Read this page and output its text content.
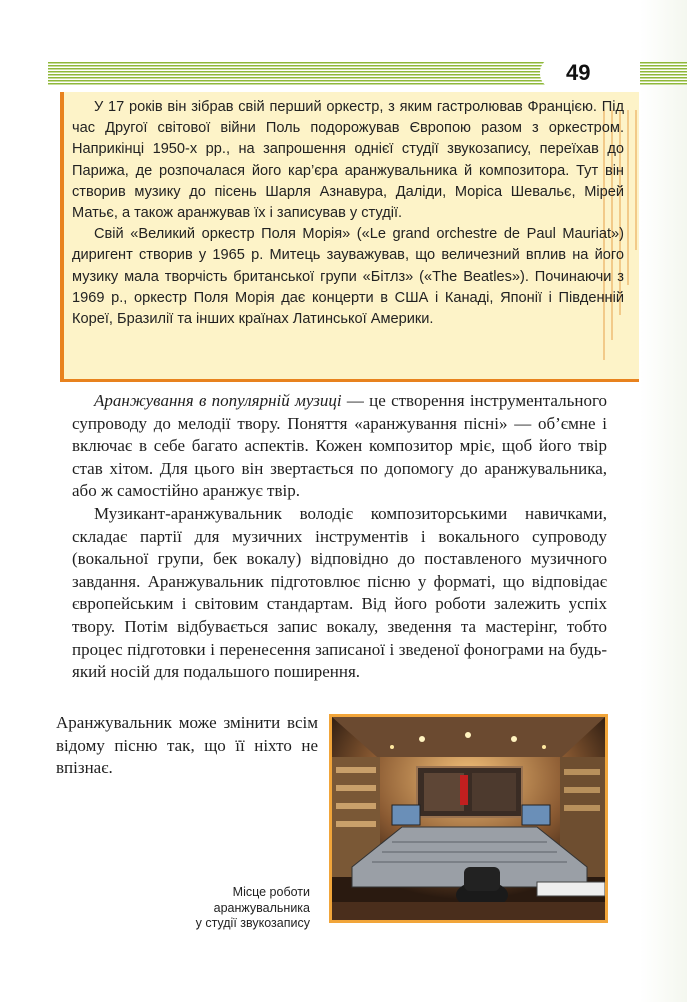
49

У 17 років він зібрав свій перший оркестр, з яким гастролював Францією. Під час Другої світової війни Поль подорожував Європою разом з оркестром. Наприкінці 1950-х рр., на запрошення однієї студії звукозапису, переїхав до Парижа, де розпочалася його кар’єра аранжувальника й композитора. Тут він створив музику до пісень Шарля Азнавура, Даліди, Моріса Шевальє, Мірей Матьє, а також аранжував їх і записував у студії.

Свій «Великий оркестр Поля Морія» («Le grand orchestre de Paul Mauriat») диригент створив у 1965 р. Митець зауважував, що величезний вплив на його музику мала творчість британської групи «Бітлз» («The Beatles»). Починаючи з 1969 р., оркестр Поля Морія дає концерти в США і Канаді, Японії і Південній Кореї, Бразилії та інших країнах Латинської Америки.

Аранжування в популярній музиці — це створення інструментального супроводу до мелодії твору. Поняття «аранжування пісні» — об’ємне і включає в себе багато аспектів. Кожен композитор мріє, щоб його твір став хітом. Для цього він звертається по допомогу до аранжувальника, або ж самостійно аранжує твір.

Музикант-аранжувальник володіє композиторськими навичками, складає партії для музичних інструментів і вокального супроводу (вокальної групи, бек вокалу) відповідно до поставленого музичного завдання. Аранжувальник підготовлює пісню у форматі, що відповідає європейським і світовим стандартам. Від його роботи залежить успіх твору. Потім відбувається запис вокалу, зведення та мастерінг, тобто процес підготовки і перенесення записаної і зведеної фонограми на будь-який носій для подальшого поширення.

Аранжувальник може змінити всім відому пісню так, що її ніхто не впізнає.

Місце роботи
аранжувальника
у студії звукозапису
